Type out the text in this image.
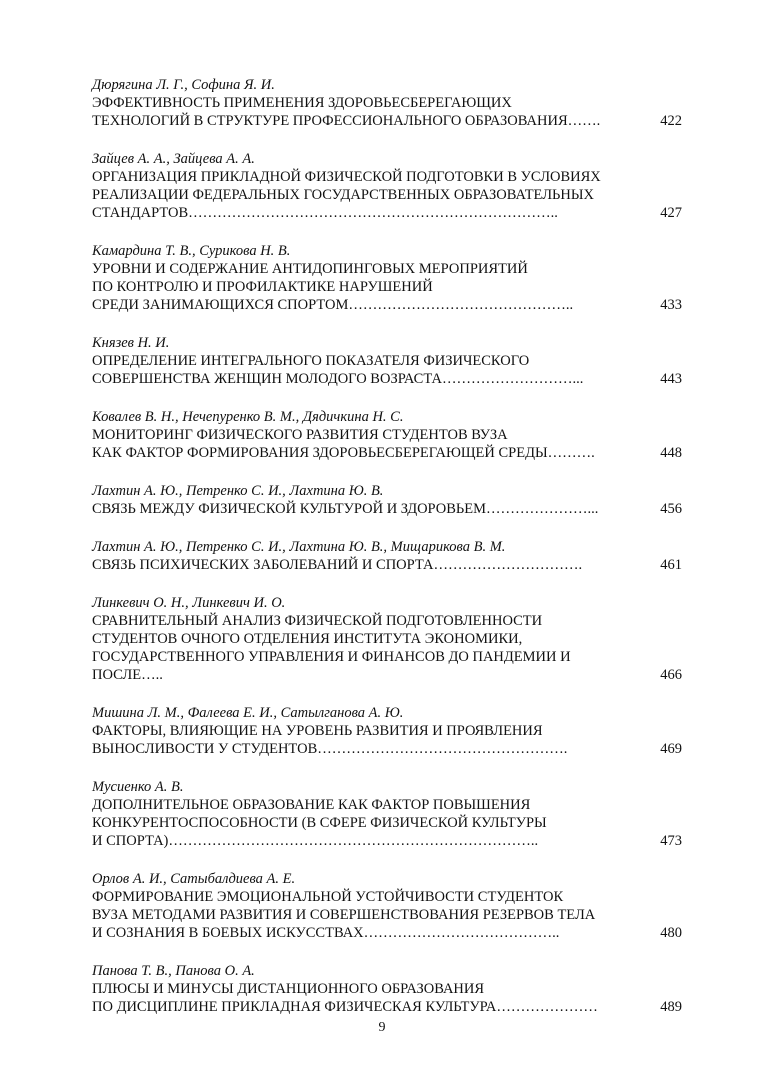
Дюрягина Л. Г., Софина Я. И.
ЭФФЕКТИВНОСТЬ ПРИМЕНЕНИЯ ЗДОРОВЬЕСБЕРЕГАЮЩИХ
ТЕХНОЛОГИЙ В СТРУКТУРЕ ПРОФЕССИОНАЛЬНОГО ОБРАЗОВАНИЯ…….	422
Зайцев А. А., Зайцева А. А.
ОРГАНИЗАЦИЯ ПРИКЛАДНОЙ ФИЗИЧЕСКОЙ ПОДГОТОВКИ В УСЛОВИЯХ
РЕАЛИЗАЦИИ ФЕДЕРАЛЬНЫХ ГОСУДАРСТВЕННЫХ ОБРАЗОВАТЕЛЬНЫХ
СТАНДАРТОВ…………………………………………………………………..	427
Камардина Т. В., Сурикова Н. В.
УРОВНИ И СОДЕРЖАНИЕ АНТИДОПИНГОВЫХ МЕРОПРИЯТИЙ
ПО КОНТРОЛЮ И ПРОФИЛАКТИКЕ НАРУШЕНИЙ
СРЕДИ ЗАНИМАЮЩИХСЯ СПОРТОМ………………………………………..	433
Князев Н. И.
ОПРЕДЕЛЕНИЕ ИНТЕГРАЛЬНОГО ПОКАЗАТЕЛЯ ФИЗИЧЕСКОГО
СОВЕРШЕНСТВА ЖЕНЩИН МОЛОДОГО ВОЗРАСТА………………………...	443
Ковалев В. Н., Нечепуренко В. М., Дядичкина Н. С.
МОНИТОРИНГ ФИЗИЧЕСКОГО РАЗВИТИЯ СТУДЕНТОВ ВУЗА
КАК ФАКТОР ФОРМИРОВАНИЯ ЗДОРОВЬЕСБЕРЕГАЮЩЕЙ СРЕДЫ……….	448
Лахтин А. Ю., Петренко С. И., Лахтина Ю. В.
СВЯЗЬ МЕЖДУ ФИЗИЧЕСКОЙ КУЛЬТУРОЙ И ЗДОРОВЬЕМ…………………...	456
Лахтин А. Ю., Петренко С. И., Лахтина Ю. В., Мищарикова В. М.
СВЯЗЬ ПСИХИЧЕСКИХ ЗАБОЛЕВАНИЙ И СПОРТА………………………….	461
Линкевич О. Н., Линкевич И. О.
СРАВНИТЕЛЬНЫЙ АНАЛИЗ ФИЗИЧЕСКОЙ ПОДГОТОВЛЕННОСТИ
СТУДЕНТОВ ОЧНОГО ОТДЕЛЕНИЯ ИНСТИТУТА ЭКОНОМИКИ,
ГОСУДАРСТВЕННОГО УПРАВЛЕНИЯ И ФИНАНСОВ ДО ПАНДЕМИИ И
ПОСЛЕ…..	466
Мишина Л. М., Фалеева Е. И., Сатылганова А. Ю.
ФАКТОРЫ, ВЛИЯЮЩИЕ НА УРОВЕНЬ РАЗВИТИЯ И ПРОЯВЛЕНИЯ
ВЫНОСЛИВОСТИ У СТУДЕНТОВ…………………………………………….	469
Мусиенко А. В.
ДОПОЛНИТЕЛЬНОЕ ОБРАЗОВАНИЕ КАК ФАКТОР ПОВЫШЕНИЯ
КОНКУРЕНТОСПОСОБНОСТИ (В СФЕРЕ ФИЗИЧЕСКОЙ КУЛЬТУРЫ
И СПОРТА)…………………………………………………………………..	473
Орлов А. И., Сатыбалдиева А. Е.
ФОРМИРОВАНИЕ ЭМОЦИОНАЛЬНОЙ УСТОЙЧИВОСТИ СТУДЕНТОК
ВУЗА МЕТОДАМИ РАЗВИТИЯ И СОВЕРШЕНСТВОВАНИЯ РЕЗЕРВОВ ТЕЛА
И СОЗНАНИЯ В БОЕВЫХ ИСКУССТВАХ…………………………………..	480
Панова Т. В., Панова О. А.
ПЛЮСЫ И МИНУСЫ ДИСТАНЦИОННОГО ОБРАЗОВАНИЯ
ПО ДИСЦИПЛИНЕ ПРИКЛАДНАЯ ФИЗИЧЕСКАЯ КУЛЬТУРА…………………	489
9
